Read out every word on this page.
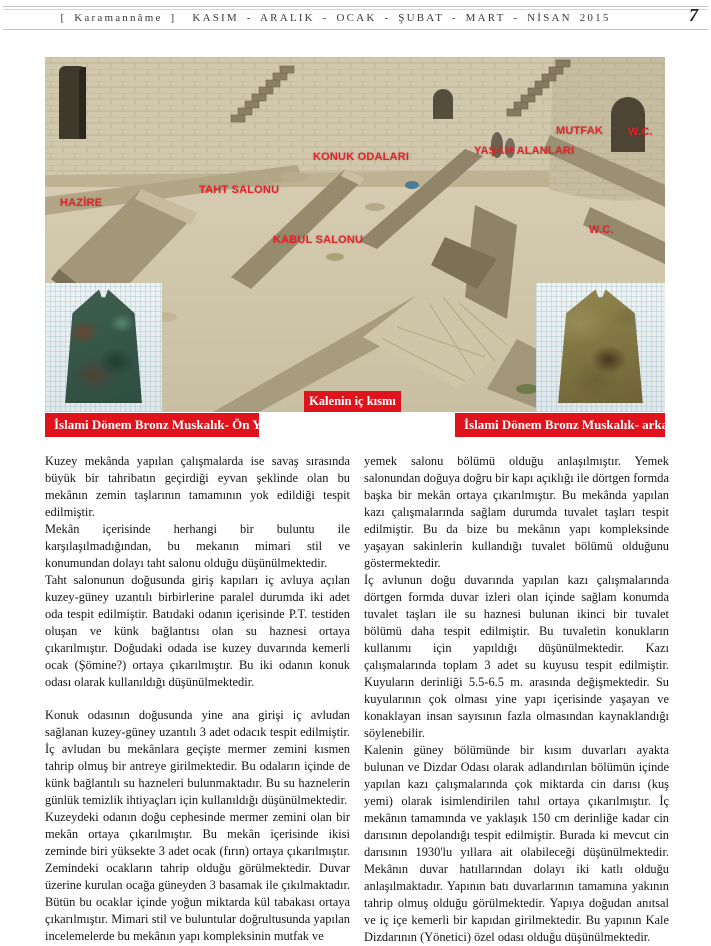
[ Karamannâme ] KASIM - ARALIK - OCAK - ŞUBAT - MART - NİSAN 2015	7
MUTFAK W.C.
YAŞAM ALANLARI
KONUK ODALARI
TAHT SALONU
HAZİRE
KABUL SALONU
W.C.
Kalenin iç kısmı
İslami Dönem Bronz Muskalık- Ön Yüz	İslami Dönem Bronz Muskalık- arka Yüz

Kuzey mekânda yapılan çalışmalarda ise savaş sırasında büyük bir tahribatın geçirdiği eyvan şeklinde olan bu mekânın zemin taşlarının tamamının yok edildiği tespit edilmiştir.

Mekân içerisinde herhangi bir buluntu ile karşılaşılmadığından, bu mekanın mimari stil ve konumundan dolayı taht salonu olduğu düşünülmektedir.

Taht salonunun doğusunda giriş kapıları iç avluya açılan kuzey-güney uzantılı birbirlerine paralel durumda iki adet oda tespit edilmiştir. Batıdaki odanın içerisinde P.T. testiden oluşan ve künk bağlantısı olan su haznesi ortaya çıkarılmıştır. Doğudaki odada ise kuzey duvarında kemerli ocak (Şömine?) ortaya çıkarılmıştır. Bu iki odanın konuk odası olarak kullanıldığı düşünülmektedir.

Konuk odasının doğusunda yine ana girişi iç avludan sağlanan kuzey-güney uzantılı 3 adet odacık tespit edilmiştir. İç avludan bu mekânlara geçişte mermer zemini kısmen tahrip olmuş bir antreye girilmektedir. Bu odaların içinde de künk bağlantılı su hazneleri bulunmaktadır. Bu su haznelerin günlük temizlik ihtiyaçları için kullanıldığı düşünülmektedir.

Kuzeydeki odanın doğu cephesinde mermer zemini olan bir mekân ortaya çıkarılmıştır. Bu mekân içerisinde ikisi zeminde biri yüksekte 3 adet ocak (fırın) ortaya çıkarılmıştır. Zemindeki ocakların tahrip olduğu görülmektedir. Duvar üzerine kurulan ocağa güneyden 3 basamak ile çıkılmaktadır. Bütün bu ocaklar içinde yoğun miktarda kül tabakası ortaya çıkarılmıştır. Mimari stil ve buluntular doğrultusunda yapılan incelemelerde bu mekânın yapı kompleksinin mutfak ve

yemek salonu bölümü olduğu anlaşılmıştır. Yemek salonundan doğuya doğru bir kapı açıklığı ile dörtgen formda başka bir mekân ortaya çıkarılmıştır. Bu mekânda yapılan kazı çalışmalarında sağlam durumda tuvalet taşları tespit edilmiştir. Bu da bize bu mekânın yapı kompleksinde yaşayan sakinlerin kullandığı tuvalet bölümü olduğunu göstermektedir.

İç avlunun doğu duvarında yapılan kazı çalışmalarında dörtgen formda duvar izleri olan içinde sağlam konumda tuvalet taşları ile su haznesi bulunan ikinci bir tuvalet bölümü daha tespit edilmiştir. Bu tuvaletin konukların kullanımı için yapıldığı düşünülmektedir. Kazı çalışmalarında toplam 3 adet su kuyusu tespit edilmiştir. Kuyuların derinliği 5.5-6.5 m. arasında değişmektedir. Su kuyularının çok olması yine yapı içerisinde yaşayan ve konaklayan insan sayısının fazla olmasından kaynaklandığı söylenebilir.

Kalenin güney bölümünde bir kısım duvarları ayakta bulunan ve Dizdar Odası olarak adlandırılan bölümün içinde yapılan kazı çalışmalarında çok miktarda cin darısı (kuş yemi) olarak isimlendirilen tahıl ortaya çıkarılmıştır. İç mekânın tamamında ve yaklaşık 150 cm derinliğe kadar cin darısının depolandığı tespit edilmiştir. Burada ki mevcut cin darısının 1930'lu yıllara ait olabileceği düşünülmektedir. Mekânın duvar hatıllarından dolayı iki katlı olduğu anlaşılmaktadır. Yapının batı duvarlarının tamamına yakının tahrip olmuş olduğu görülmektedir. Yapıya doğudan anıtsal ve iç içe kemerli bir kapıdan girilmektedir. Bu yapının Kale Dizdarının (Yönetici) özel odası olduğu düşünülmektedir.
